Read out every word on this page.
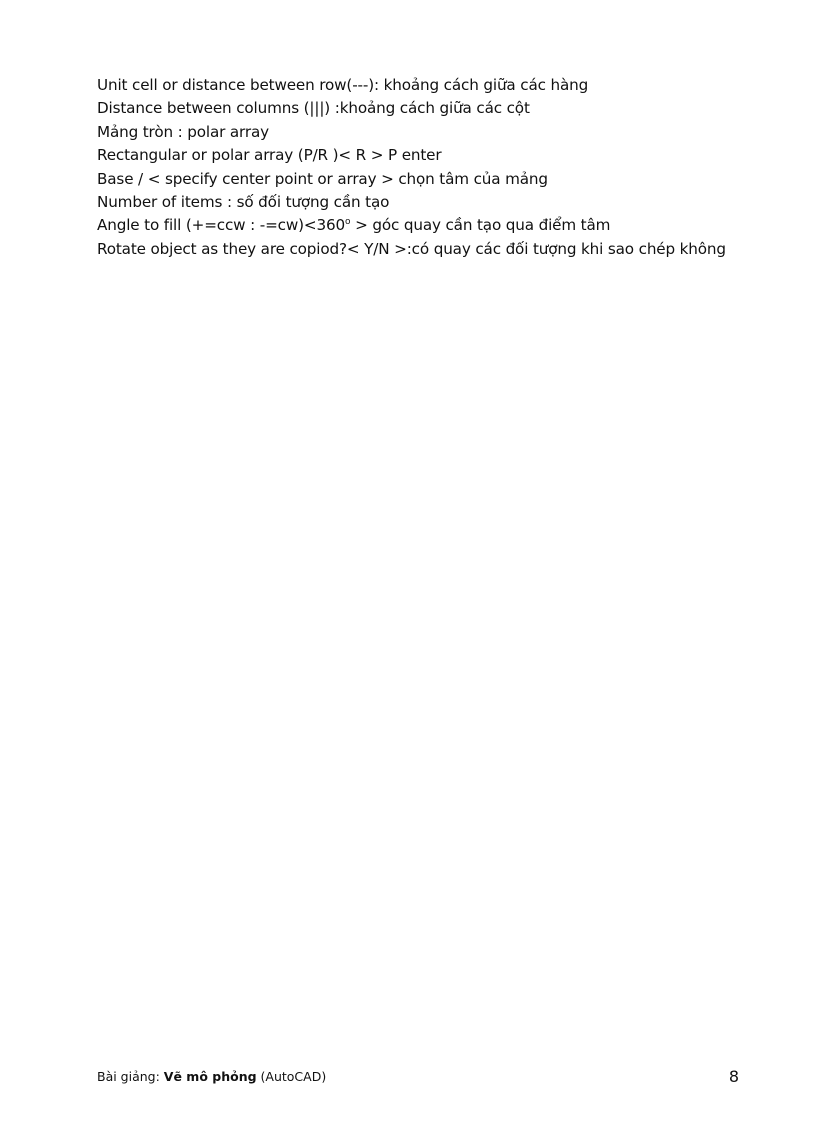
Unit cell or distance between row(---): khoảng cách giữa các hàng
Distance between columns (|||) :khoảng cách giữa các cột
Mảng tròn : polar array
Rectangular or polar array (P/R )< R > P enter
Base / < specify center point or array > chọn tâm của mảng
Number of items : số đối tượng cần tạo
Angle to fill (+=ccw : $-=cw)<360^o$ > góc quay cần tạo qua điểm tâm
Rotate object as they are copiod?< Y/N >:có quay các đối tượng khi sao chép không
Bài giảng: Vẽ mô phỏng (AutoCAD)	8
